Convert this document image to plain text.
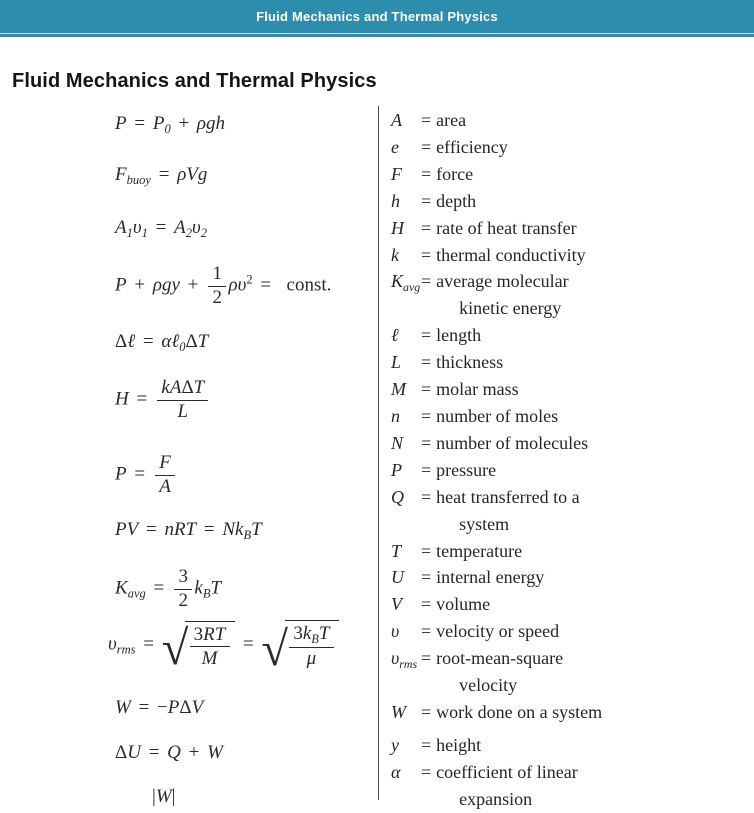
Fluid Mechanics and Thermal Physics
Fluid Mechanics and Thermal Physics
$P = P_0 + \rho gh$
$F_{buoy} = \rho Vg$
$A_1\upsilon_1 = A_2\upsilon_2$
$P + \rho gy + \frac{1}{2} \rho\upsilon^2$ =  const.
Δℓ = αℓ$_0$ΔT
H =
kAΔT
L
$P = \frac{F}{A}$
PV = nRT = $Nk_BT$
$K_{avg} = \frac{3}{2} k_BT$
$\upsilon_{rms}$ = √ $\frac{3RT}{M}$ = √ $3k_BT$
μ
W = −PΔV
ΔU = Q + W
|W|
A	= area
e	= efficiency
F	= force
h	= depth
H = rate of heat transfer
k	= thermal conductivity
$K_{avg}$ = average molecular
kinetic energy
ℓ	= length
L	= thickness
M = molar mass
n	= number of moles
N = number of molecules
P	= pressure
Q = heat transferred to a
system
T	= temperature
U = internal energy
V	= volume
υ	= velocity or speed
$\upsilon_{rms}$ = root-mean-square
velocity
W = work done on a system
y	= height
α	= coefficient of linear
expansion
